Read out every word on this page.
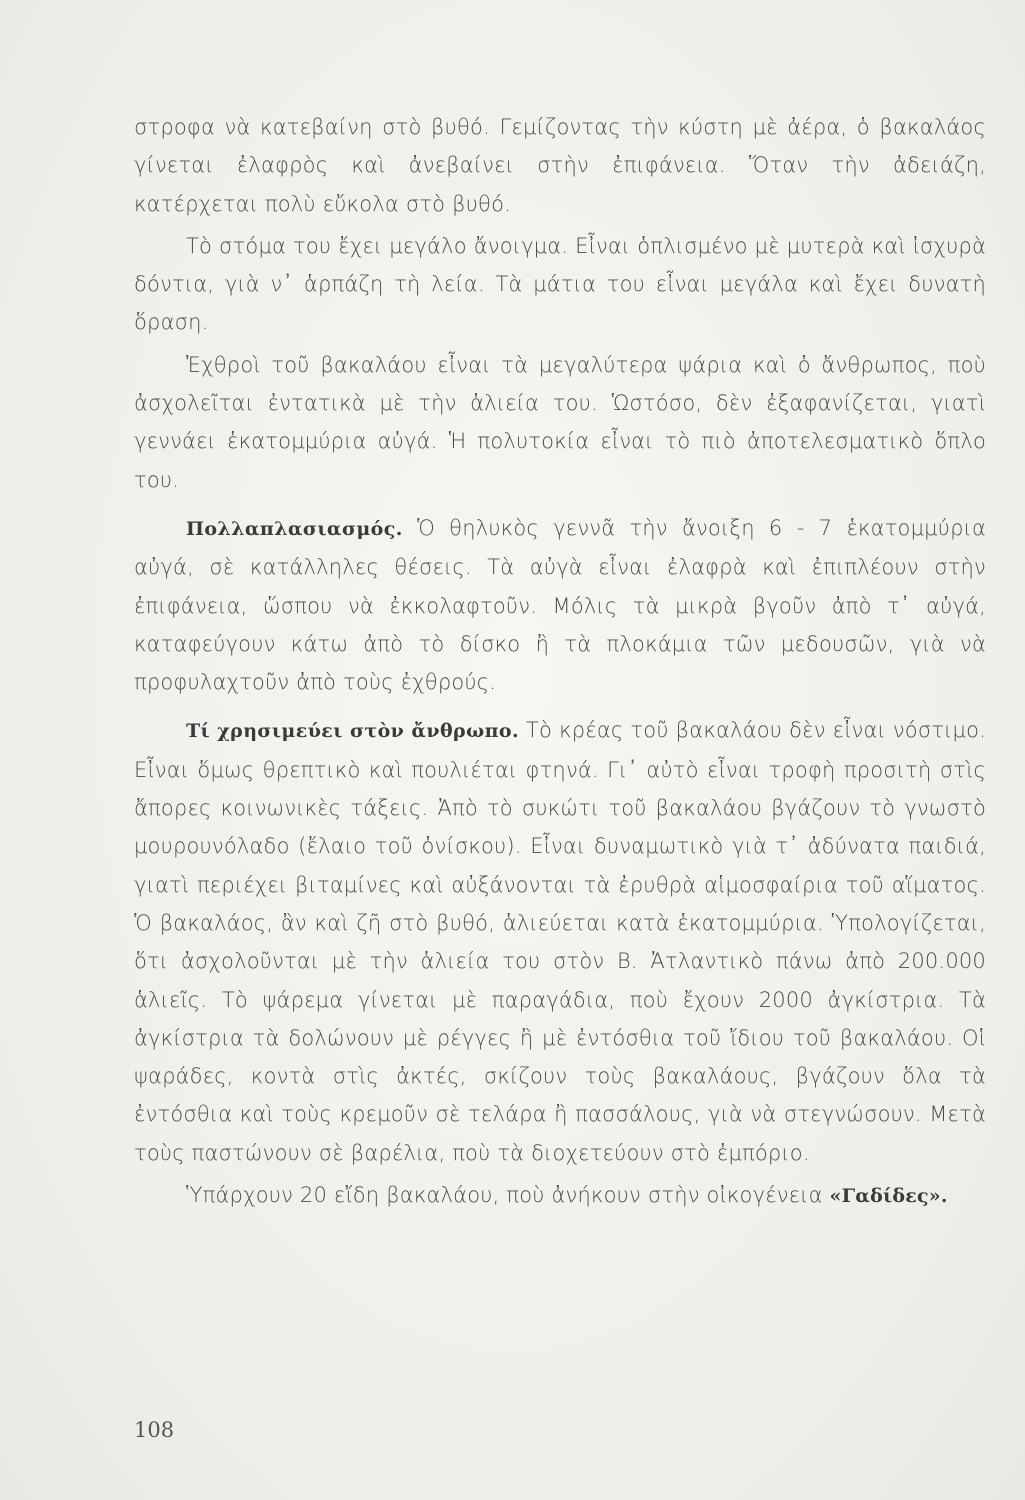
στροφα νὰ κατεβαίνη στὸ βυθό. Γεμίζοντας τὴν κύστη μὲ ἀέρα, ὁ βακαλάος γίνεται ἐλαφρὸς καὶ ἀνεβαίνει στὴν ἐπιφάνεια. Ὅταν τὴν ἀδειάζη, κατέρχεται πολὺ εὔκολα στὸ βυθό.

Τὸ στόμα του ἔχει μεγάλο ἄνοιγμα. Εἶναι ὁπλισμένο μὲ μυτερὰ καὶ ἰσχυρὰ δόντια, γιὰ ν᾽ ἁρπάζη τὴ λεία. Τὰ μάτια του εἶναι μεγάλα καὶ ἔχει δυνατὴ ὅραση.

Ἐχθροὶ τοῦ βακαλάου εἶναι τὰ μεγαλύτερα ψάρια καὶ ὁ ἄνθρωπος, ποὺ ἀσχολεῖται ἐντατικὰ μὲ τὴν ἁλιεία του. Ὡστόσο, δὲν ἐξαφανίζεται, γιατὶ γεννάει ἑκατομμύρια αὐγά. Ἡ πολυτοκία εἶναι τὸ πιὸ ἀποτελεσματικὸ ὅπλο του.

Πολλαπλασιασμός. Ὁ θηλυκὸς γεννᾶ τὴν ἄνοιξη 6 - 7 ἑκατομμύρια αὐγά, σὲ κατάλληλες θέσεις. Τὰ αὐγὰ εἶναι ἐλαφρὰ καὶ ἐπιπλέουν στὴν ἐπιφάνεια, ὥσπου νὰ ἐκκολαφτοῦν. Μόλις τὰ μικρὰ βγοῦν ἀπὸ τ᾽ αὐγά, καταφεύγουν κάτω ἀπὸ τὸ δίσκο ἢ τὰ πλοκάμια τῶν μεδουσῶν, γιὰ νὰ προφυλαχτοῦν ἀπὸ τοὺς ἐχθρούς.

Τί χρησιμεύει στὸν ἄνθρωπο. Τὸ κρέας τοῦ βακαλάου δὲν εἶναι νόστιμο. Εἶναι ὅμως θρεπτικὸ καὶ πουλιέται φτηνά. Γι᾽ αὐτὸ εἶναι τροφὴ προσιτὴ στὶς ἄπορες κοινωνικὲς τάξεις. Ἀπὸ τὸ συκώτι τοῦ βακαλάου βγάζουν τὸ γνωστὸ μουρουνόλαδο (ἔλαιο τοῦ ὀνίσκου). Εἶναι δυναμωτικὸ γιὰ τ᾽ ἀδύνατα παιδιά, γιατὶ περιέχει βιταμίνες καὶ αὐξάνονται τὰ ἐρυθρὰ αἱμοσφαίρια τοῦ αἵματος. Ὁ βακαλάος, ἂν καὶ ζῆ στὸ βυθό, ἁλιεύεται κατὰ ἑκατομμύρια. Ὑπολογίζεται, ὅτι ἀσχολοῦνται μὲ τὴν ἁλιεία του στὸν Β. Ἀτλαντικὸ πάνω ἀπὸ 200.000 ἁλιεῖς. Τὸ ψάρεμα γίνεται μὲ παραγάδια, ποὺ ἔχουν 2000 ἀγκίστρια. Τὰ ἀγκίστρια τὰ δολώνουν μὲ ρέγγες ἢ μὲ ἐντόσθια τοῦ ἴδιου τοῦ βακαλάου. Οἱ ψαράδες, κοντὰ στὶς ἀκτές, σκίζουν τοὺς βακαλάους, βγάζουν ὅλα τὰ ἐντόσθια καὶ τοὺς κρεμοῦν σὲ τελάρα ἢ πασσάλους, γιὰ νὰ στεγνώσουν. Μετὰ τοὺς παστώνουν σὲ βαρέλια, ποὺ τὰ διοχετεύουν στὸ ἐμπόριο.

Ὑπάρχουν 20 εἴδη βακαλάου, ποὺ ἀνήκουν στὴν οἰκογένεια «Γαδίδες».

108
